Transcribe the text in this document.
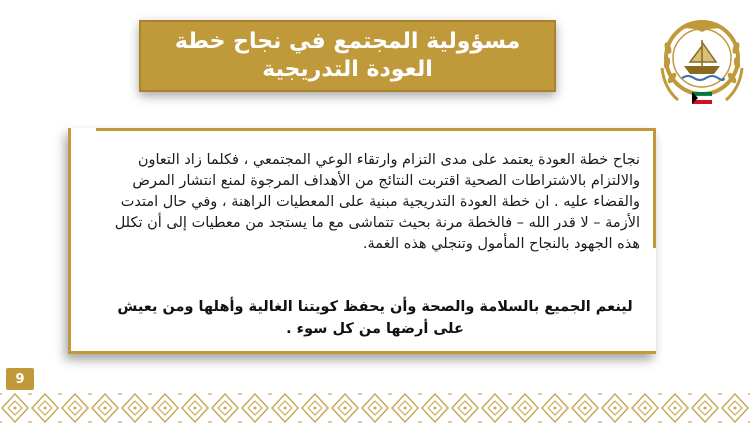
مسؤولية المجتمع في نجاح خطة
العودة التدريجية
نجاح خطة العودة يعتمد على مدى التزام وارتقاء الوعي المجتمعي ، فكلما زاد التعاون والالتزام بالاشتراطات الصحية اقتربت النتائج من الأهداف المرجوة لمنع انتشار المرض والقضاء عليه . ان خطة العودة التدريجية مبنية على المعطيات الراهنة ، وفي حال امتدت الأزمة – لا قدر الله – فالخطة مرنة بحيث تتماشى مع ما يستجد من معطيات إلى أن تكلل هذه الجهود بالنجاح المأمول وتنجلي هذه الغمة.
لينعم الجميع بالسلامة والصحة وأن يحفظ كويتنا الغالية وأهلها ومن يعيش على أرضها من كل سوء .
9
